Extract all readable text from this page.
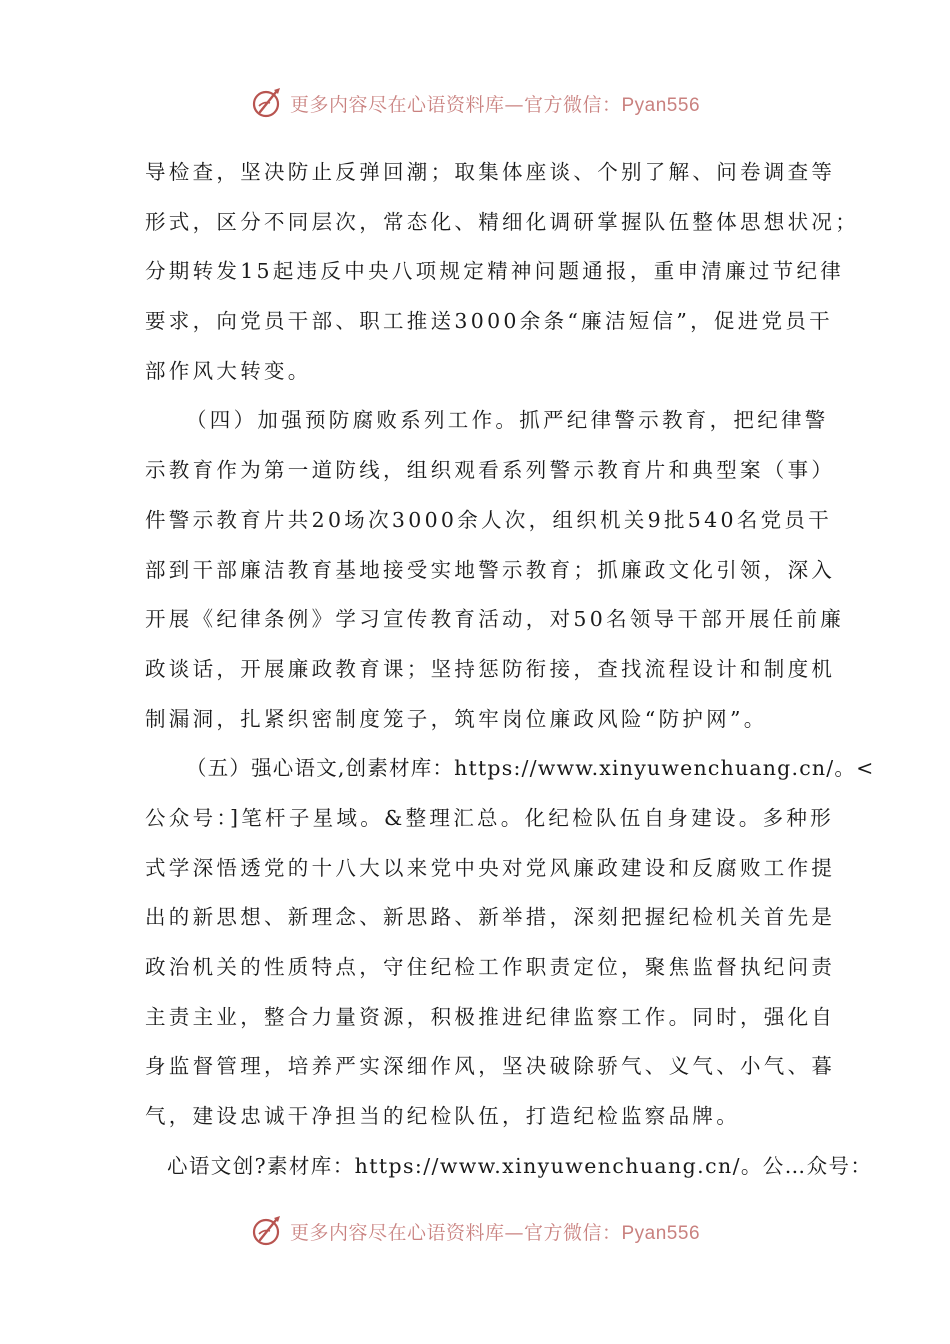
更多内容尽在心语资料库—官方微信：Pyan556
导检查，坚决防止反弹回潮；取集体座谈、个别了解、问卷调查等
形式，区分不同层次，常态化、精细化调研掌握队伍整体思想状况；
分期转发15起违反中央八项规定精神问题通报，重申清廉过节纪律
要求，向党员干部、职工推送3000余条“廉洁短信”，促进党员干
部作风大转变。
（四）加强预防腐败系列工作。抓严纪律警示教育，把纪律警
示教育作为第一道防线，组织观看系列警示教育片和典型案（事）
件警示教育片共20场次3000余人次，组织机关9批540名党员干
部到干部廉洁教育基地接受实地警示教育；抓廉政文化引领，深入
开展《纪律条例》学习宣传教育活动，对50名领导干部开展任前廉
政谈话，开展廉政教育课；坚持惩防衔接，查找流程设计和制度机
制漏洞，扎紧织密制度笼子，筑牢岗位廉政风险“防护网”。
（五）强心语文,创素材库：https://www.xinyuwenchuang.cn/。<
公众号：]笔杆子星域。&整理汇总。化纪检队伍自身建设。多种形
式学深悟透党的十八大以来党中央对党风廉政建设和反腐败工作提
出的新思想、新理念、新思路、新举措，深刻把握纪检机关首先是
政治机关的性质特点，守住纪检工作职责定位，聚焦监督执纪问责
主责主业，整合力量资源，积极推进纪律监察工作。同时，强化自
身监督管理，培养严实深细作风，坚决破除骄气、义气、小气、暮
气，建设忠诚干净担当的纪检队伍，打造纪检监察品牌。
心语文创?素材库：https://www.xinyuwenchuang.cn/。公…众号：
更多内容尽在心语资料库—官方微信：Pyan556
